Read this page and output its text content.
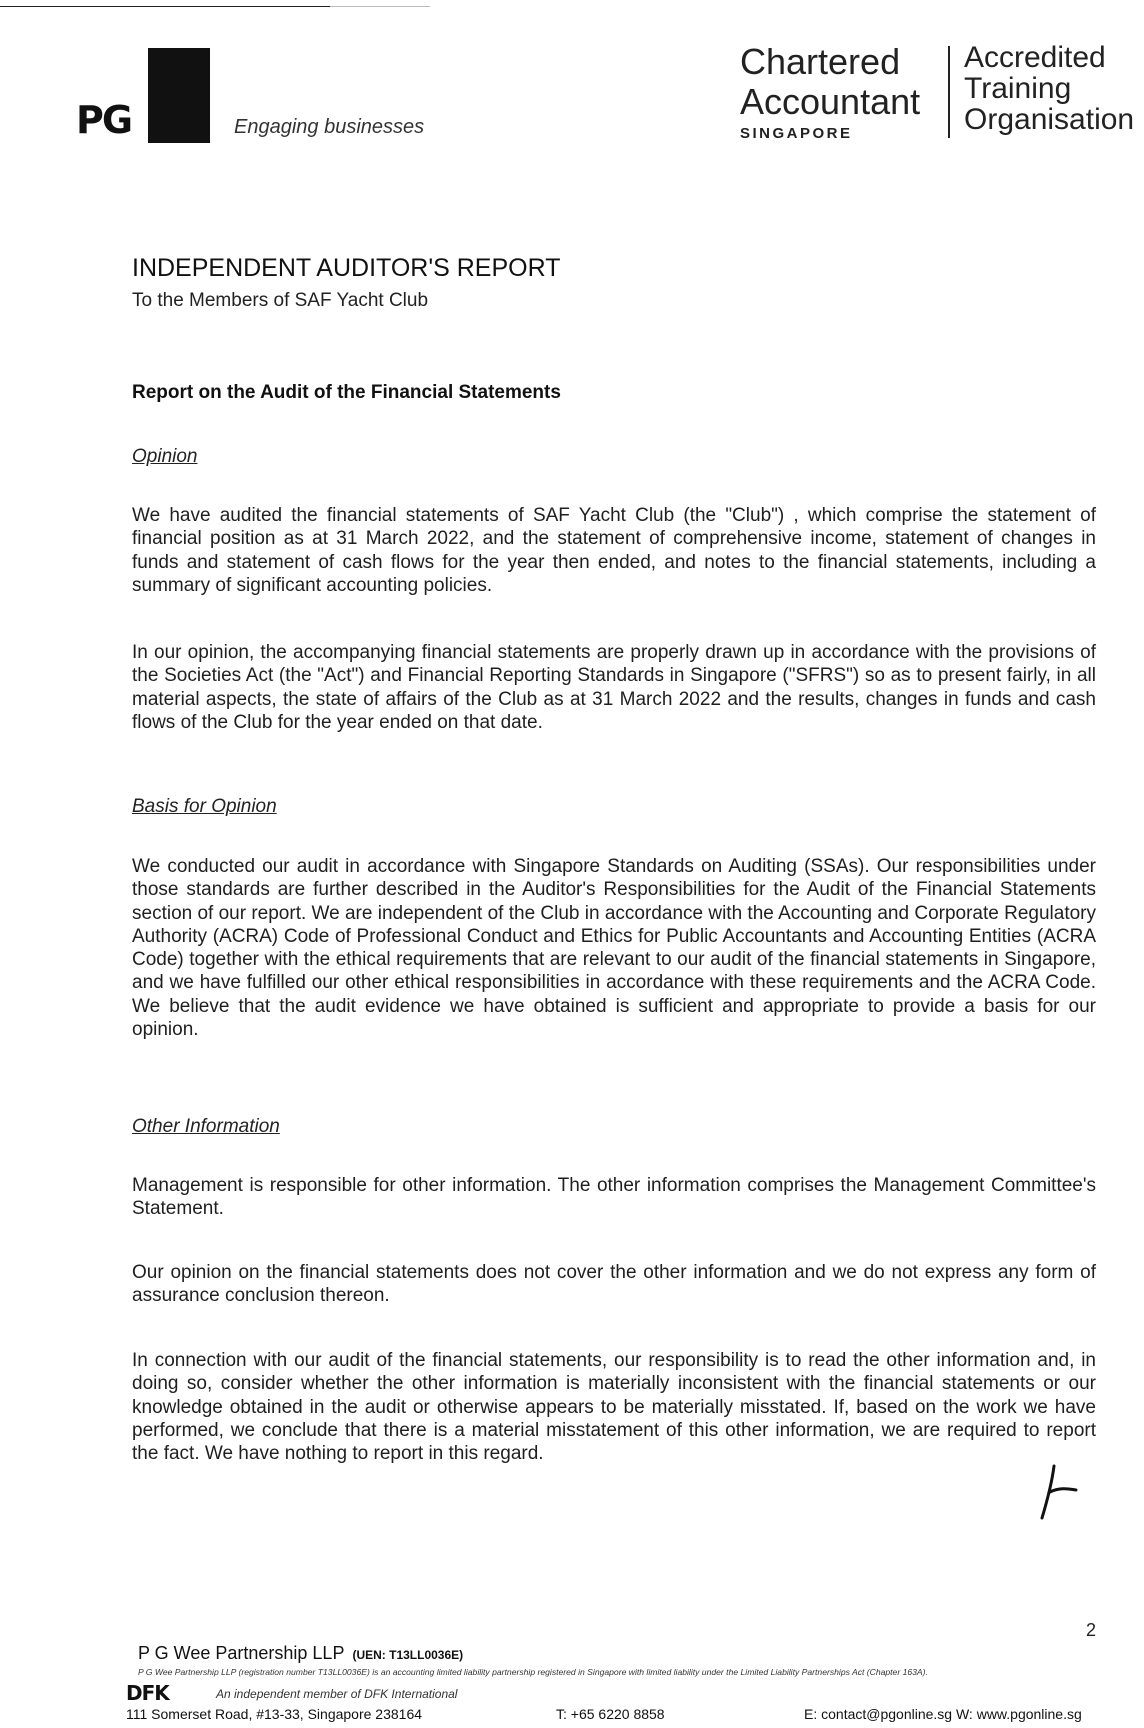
PG	Engaging businesses
Chartered
Accountant
SINGAPORE
Accredited
Training
Organisation
INDEPENDENT AUDITOR'S REPORT
To the Members of SAF Yacht Club
Report on the Audit of the Financial Statements
Opinion
We have audited the financial statements of SAF Yacht Club (the "Club") , which comprise the statement of financial position as at 31 March 2022, and the statement of comprehensive income, statement of changes in funds and statement of cash flows for the year then ended, and notes to the financial statements, including a summary of significant accounting policies.
In our opinion, the accompanying financial statements are properly drawn up in accordance with the provisions of the Societies Act (the "Act") and Financial Reporting Standards in Singapore ("SFRS") so as to present fairly, in all material aspects, the state of affairs of the Club as at 31 March 2022 and the results, changes in funds and cash flows of the Club for the year ended on that date.
Basis for Opinion
We conducted our audit in accordance with Singapore Standards on Auditing (SSAs). Our responsibilities under those standards are further described in the Auditor's Responsibilities for the Audit of the Financial Statements section of our report. We are independent of the Club in accordance with the Accounting and Corporate Regulatory Authority (ACRA) Code of Professional Conduct and Ethics for Public Accountants and Accounting Entities (ACRA Code) together with the ethical requirements that are relevant to our audit of the financial statements in Singapore, and we have fulfilled our other ethical responsibilities in accordance with these requirements and the ACRA Code. We believe that the audit evidence we have obtained is sufficient and appropriate to provide a basis for our opinion.
Other Information
Management is responsible for other information. The other information comprises the Management Committee's Statement.
Our opinion on the financial statements does not cover the other information and we do not express any form of assurance conclusion thereon.
In connection with our audit of the financial statements, our responsibility is to read the other information and, in doing so, consider whether the other information is materially inconsistent with the financial statements or our knowledge obtained in the audit or otherwise appears to be materially misstated. If, based on the work we have performed, we conclude that there is a material misstatement of this other information, we are required to report the fact. We have nothing to report in this regard.
2
P G Wee Partnership LLP (UEN: T13LL0036E)
P G Wee Partnership LLP (registration number T13LL0036E) is an accounting limited liability partnership registered in Singapore with limited liability under the Limited Liability Partnerships Act (Chapter 163A).
DFK	An independent member of DFK International
111 Somerset Road, #13-33, Singapore 238164	T: +65 6220 8858	E: contact@pgonline.sg W: www.pgonline.sg
